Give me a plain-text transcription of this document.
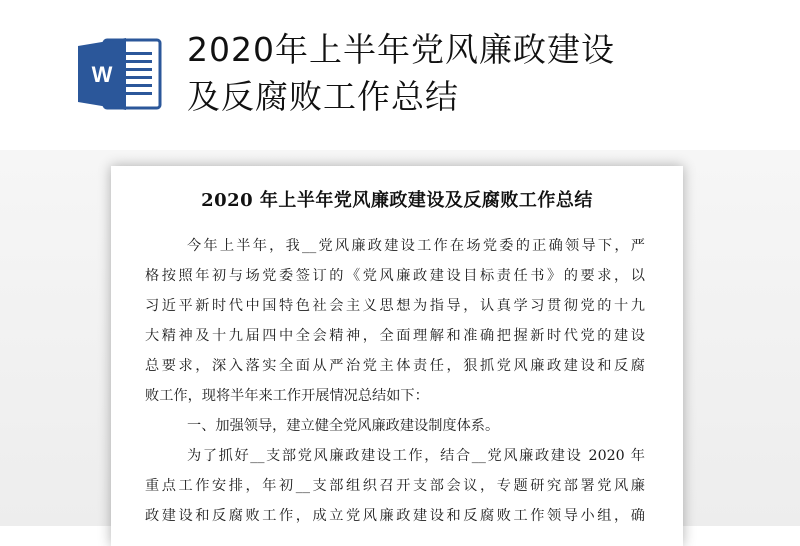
W
2020年上半年党风廉政建设
及反腐败工作总结
2020 年上半年党风廉政建设及反腐败工作总结
今年上半年，我__党风廉政建设工作在场党委的正确领导下，严
格按照年初与场党委签订的《党风廉政建设目标责任书》的要求，以
习近平新时代中国特色社会主义思想为指导，认真学习贯彻党的十九
大精神及十九届四中全会精神，全面理解和准确把握新时代党的建设
总要求，深入落实全面从严治党主体责任，狠抓党风廉政建设和反腐
败工作，现将半年来工作开展情况总结如下：
一、加强领导，建立健全党风廉政建设制度体系。
为了抓好__支部党风廉政建设工作，结合__党风廉政建设 2020 年
重点工作安排，年初__支部组织召开支部会议，专题研究部署党风廉
政建设和反腐败工作，成立党风廉政建设和反腐败工作领导小组，确
